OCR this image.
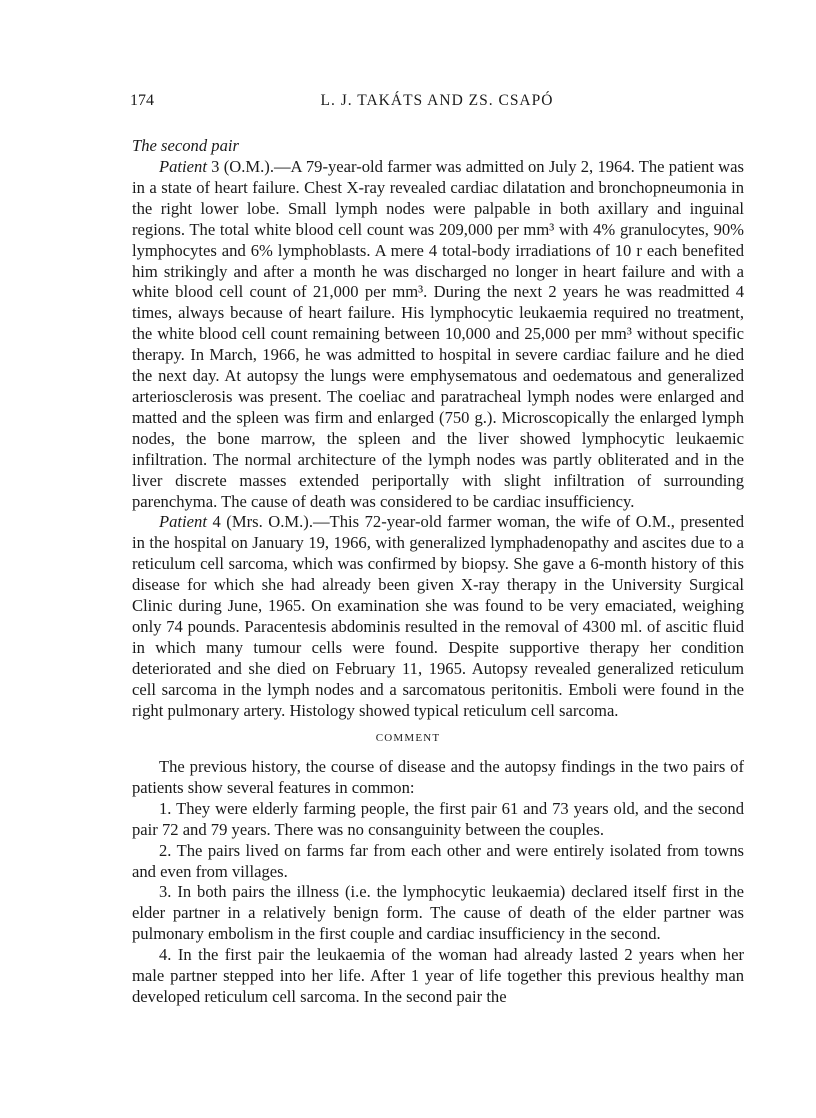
174	L. J. TAKÁTS AND ZS. CSAPÓ
The second pair

Patient 3 (O.M.).—A 79-year-old farmer was admitted on July 2, 1964. The patient was in a state of heart failure. Chest X-ray revealed cardiac dilatation and bronchopneumonia in the right lower lobe. Small lymph nodes were palpable in both axillary and inguinal regions. The total white blood cell count was 209,000 per mm³ with 4% granulocytes, 90% lymphocytes and 6% lymphoblasts. A mere 4 total-body irradiations of 10 r each benefited him strikingly and after a month he was discharged no longer in heart failure and with a white blood cell count of 21,000 per mm³. During the next 2 years he was readmitted 4 times, always because of heart failure. His lymphocytic leukaemia required no treatment, the white blood cell count remaining between 10,000 and 25,000 per mm³ without specific therapy. In March, 1966, he was admitted to hospital in severe cardiac failure and he died the next day. At autopsy the lungs were emphysematous and oedematous and generalized arteriosclerosis was present. The coeliac and paratracheal lymph nodes were enlarged and matted and the spleen was firm and enlarged (750 g.). Microscopically the enlarged lymph nodes, the bone marrow, the spleen and the liver showed lymphocytic leukaemic infiltration. The normal architecture of the lymph nodes was partly obliterated and in the liver discrete masses extended periportally with slight infiltration of surrounding parenchyma. The cause of death was considered to be cardiac insufficiency.

Patient 4 (Mrs. O.M.).—This 72-year-old farmer woman, the wife of O.M., presented in the hospital on January 19, 1966, with generalized lymphadenopathy and ascites due to a reticulum cell sarcoma, which was confirmed by biopsy. She gave a 6-month history of this disease for which she had already been given X-ray therapy in the University Surgical Clinic during June, 1965. On examination she was found to be very emaciated, weighing only 74 pounds. Paracentesis abdominis resulted in the removal of 4300 ml. of ascitic fluid in which many tumour cells were found. Despite supportive therapy her condition deteriorated and she died on February 11, 1965. Autopsy revealed generalized reticulum cell sarcoma in the lymph nodes and a sarcomatous peritonitis. Emboli were found in the right pulmonary artery. Histology showed typical reticulum cell sarcoma.

COMMENT

The previous history, the course of disease and the autopsy findings in the two pairs of patients show several features in common:

1. They were elderly farming people, the first pair 61 and 73 years old, and the second pair 72 and 79 years. There was no consanguinity between the couples.

2. The pairs lived on farms far from each other and were entirely isolated from towns and even from villages.

3. In both pairs the illness (i.e. the lymphocytic leukaemia) declared itself first in the elder partner in a relatively benign form. The cause of death of the elder partner was pulmonary embolism in the first couple and cardiac insufficiency in the second.

4. In the first pair the leukaemia of the woman had already lasted 2 years when her male partner stepped into her life. After 1 year of life together this previous healthy man developed reticulum cell sarcoma. In the second pair the
